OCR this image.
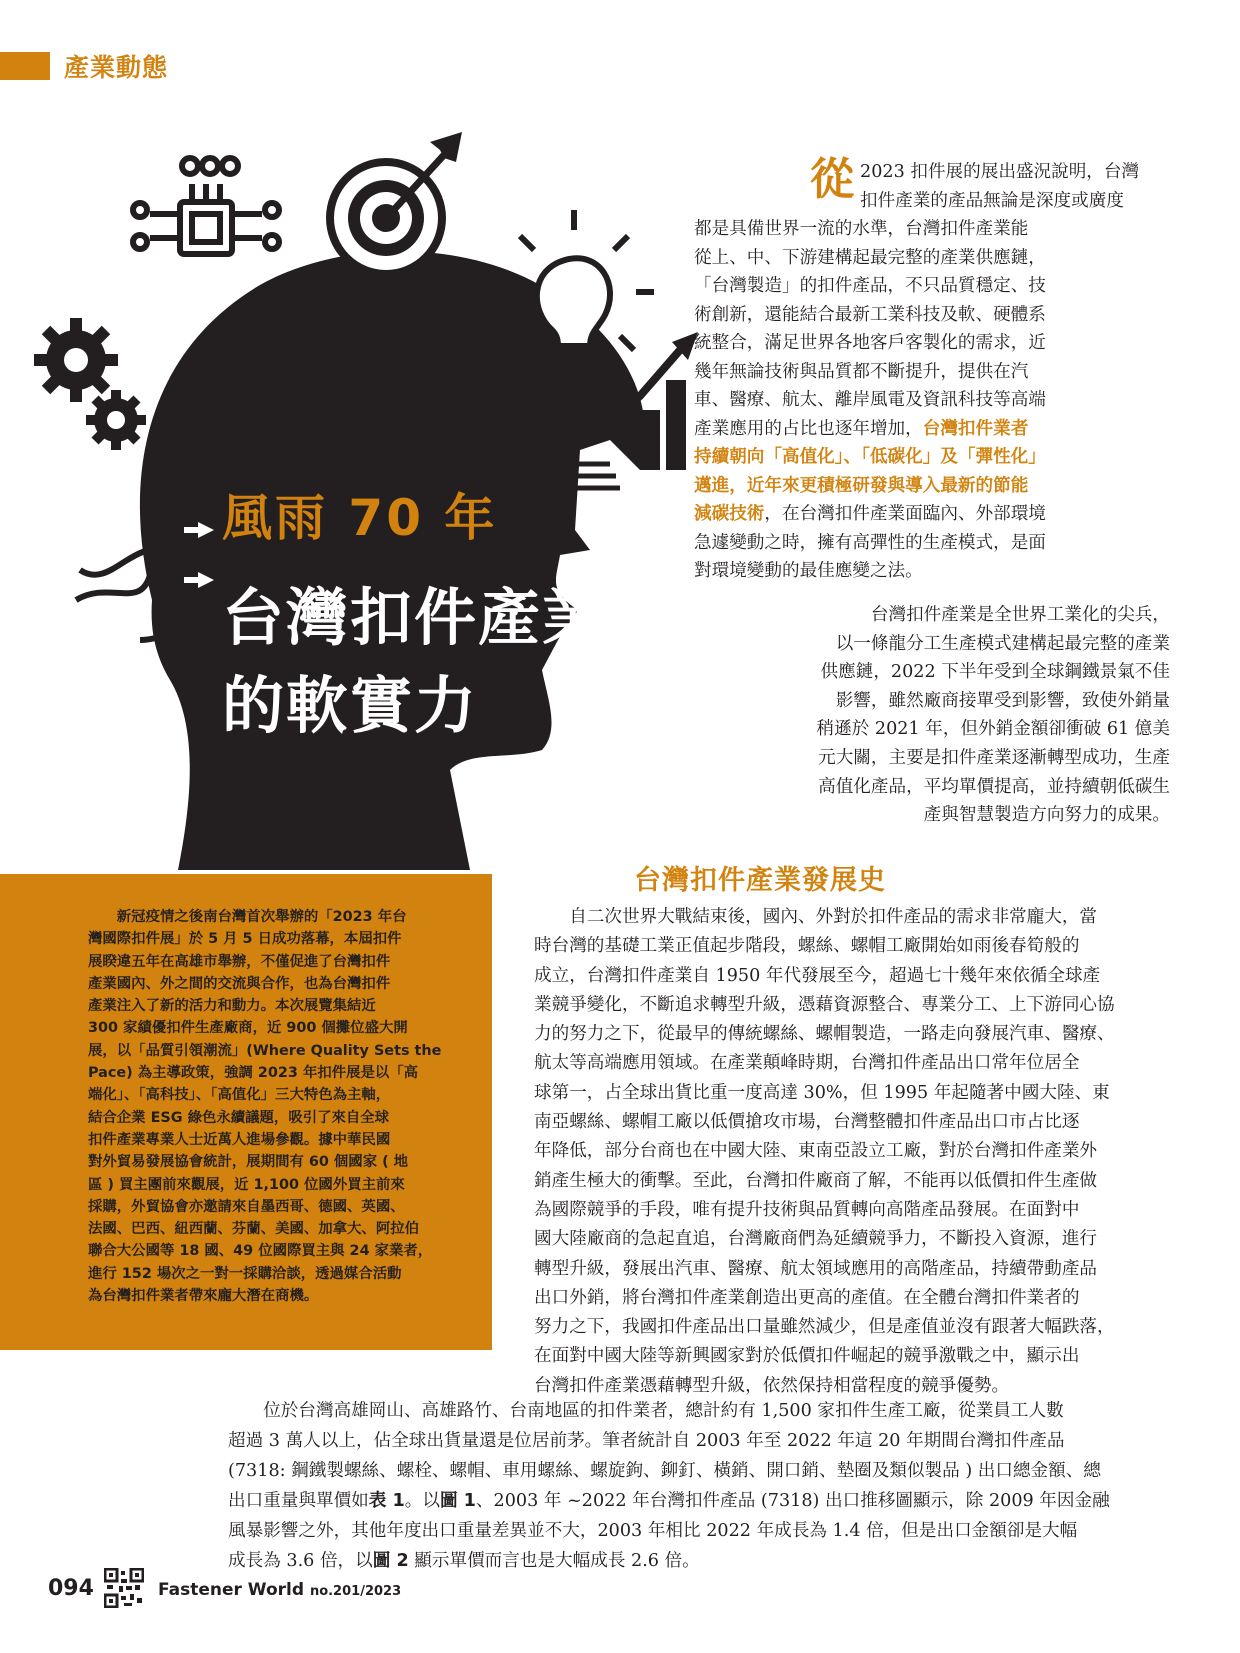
產業動態
風雨 70 年
台灣扣件產業
的軟實力
從 2023 扣件展的展出盛況說明，台灣
扣件產業的產品無論是深度或廣度
都是具備世界一流的水準，台灣扣件產業能
從上、中、下游建構起最完整的產業供應鏈，
「台灣製造」的扣件產品，不只品質穩定、技
術創新，還能結合最新工業科技及軟、硬體系
統整合，滿足世界各地客戶客製化的需求，近
幾年無論技術與品質都不斷提升，提供在汽
車、醫療、航太、離岸風電及資訊科技等高端
產業應用的占比也逐年增加，台灣扣件業者
持續朝向「高值化」、「低碳化」及「彈性化」
邁進，近年來更積極研發與導入最新的節能
減碳技術，在台灣扣件產業面臨內、外部環境
急遽變動之時，擁有高彈性的生產模式，是面
對環境變動的最佳應變之法。
台灣扣件產業是全世界工業化的尖兵，
以一條龍分工生產模式建構起最完整的產業
供應鏈，2022 下半年受到全球鋼鐵景氣不佳
影響，雖然廠商接單受到影響，致使外銷量
稍遜於 2021 年，但外銷金額卻衝破 61 億美
元大關，主要是扣件產業逐漸轉型成功，生產
高值化產品，平均單價提高，並持續朝低碳生
產與智慧製造方向努力的成果。
台灣扣件產業發展史
　　新冠疫情之後南台灣首次舉辦的「2023 年台
灣國際扣件展」於 5 月 5 日成功落幕，本屆扣件
展睽違五年在高雄市舉辦，不僅促進了台灣扣件
產業國內、外之間的交流與合作，也為台灣扣件
產業注入了新的活力和動力。本次展覽集結近
300 家績優扣件生產廠商，近 900 個攤位盛大開
展，以「品質引領潮流」(Where Quality Sets the
Pace) 為主導政策，強調 2023 年扣件展是以「高
端化」、「高科技」、「高值化」三大特色為主軸，
結合企業 ESG 綠色永續議題，吸引了來自全球
扣件產業專業人士近萬人進場參觀。據中華民國
對外貿易發展協會統計，展期間有 60 個國家 ( 地
區 ) 買主團前來觀展，近 1,100 位國外買主前來
採購，外貿協會亦邀請來自墨西哥、德國、英國、
法國、巴西、紐西蘭、芬蘭、美國、加拿大、阿拉伯
聯合大公國等 18 國、49 位國際買主與 24 家業者，
進行 152 場次之一對一採購洽談，透過媒合活動
為台灣扣件業者帶來龐大潛在商機。
　　自二次世界大戰結束後，國內、外對於扣件產品的需求非常龐大，當
時台灣的基礎工業正值起步階段，螺絲、螺帽工廠開始如雨後春筍般的
成立，台灣扣件產業自 1950 年代發展至今，超過七十幾年來依循全球產
業競爭變化，不斷追求轉型升級，憑藉資源整合、專業分工、上下游同心協
力的努力之下，從最早的傳統螺絲、螺帽製造，一路走向發展汽車、醫療、
航太等高端應用領域。在產業顛峰時期，台灣扣件產品出口常年位居全
球第一，占全球出貨比重一度高達 30%，但 1995 年起隨著中國大陸、東
南亞螺絲、螺帽工廠以低價搶攻市場，台灣整體扣件產品出口市占比逐
年降低，部分台商也在中國大陸、東南亞設立工廠，對於台灣扣件產業外
銷產生極大的衝擊。至此，台灣扣件廠商了解，不能再以低價扣件生產做
為國際競爭的手段，唯有提升技術與品質轉向高階產品發展。在面對中
國大陸廠商的急起直追，台灣廠商們為延續競爭力，不斷投入資源，進行
轉型升級，發展出汽車、醫療、航太領域應用的高階產品，持續帶動產品
出口外銷，將台灣扣件產業創造出更高的產值。在全體台灣扣件業者的
努力之下，我國扣件產品出口量雖然減少，但是產值並沒有跟著大幅跌落，
在面對中國大陸等新興國家對於低價扣件崛起的競爭激戰之中，顯示出
台灣扣件產業憑藉轉型升級，依然保持相當程度的競爭優勢。
　　位於台灣高雄岡山、高雄路竹、台南地區的扣件業者，總計約有 1,500 家扣件生產工廠，從業員工人數
超過 3 萬人以上，佔全球出貨量還是位居前茅。筆者統計自 2003 年至 2022 年這 20 年期間台灣扣件產品
(7318: 鋼鐵製螺絲、螺栓、螺帽、車用螺絲、螺旋鉤、鉚釘、橫銷、開口銷、墊圈及類似製品 ) 出口總金額、總
出口重量與單價如表 1。以圖 1、2003 年 ~2022 年台灣扣件產品 (7318) 出口推移圖顯示，除 2009 年因金融
風暴影響之外，其他年度出口重量差異並不大，2003 年相比 2022 年成長為 1.4 倍，但是出口金額卻是大幅
成長為 3.6 倍，以圖 2 顯示單價而言也是大幅成長 2.6 倍。
094	Fastener World no.201/2023
